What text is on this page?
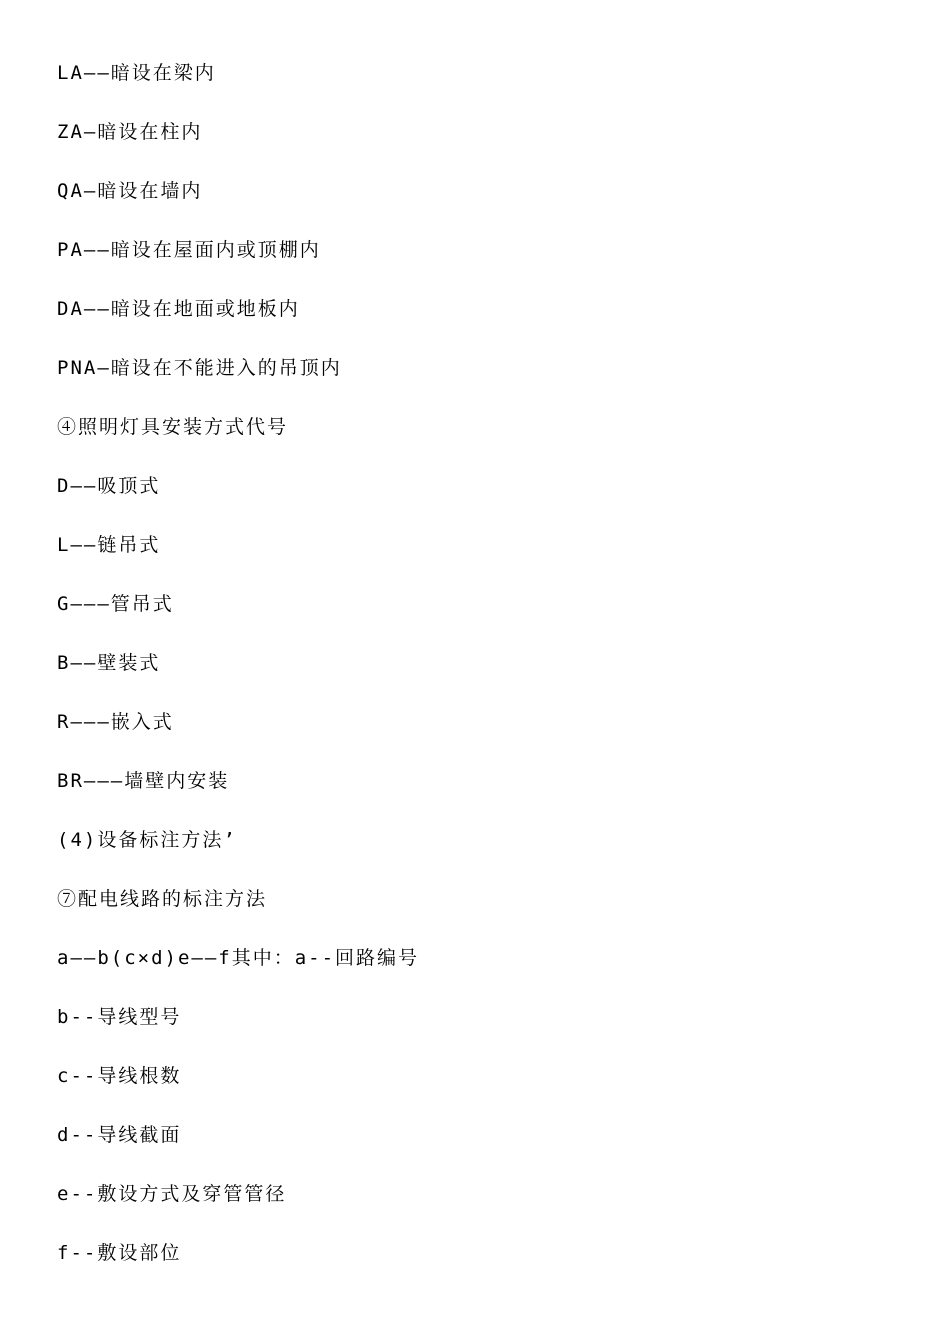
LA——暗设在梁内
ZA—暗设在柱内
QA—暗设在墙内
PA——暗设在屋面内或顶棚内
DA——暗设在地面或地板内
PNA—暗设在不能进入的吊顶内
④照明灯具安装方式代号
D——吸顶式
L——链吊式
G———管吊式
B——壁装式
R———嵌入式
BR———墙壁内安装
(4)设备标注方法’
⑦配电线路的标注方法
a——b(c×d)e——f其中：a--回路编号
b--导线型号
c--导线根数
d--导线截面
e--敷设方式及穿管管径
f--敷设部位
